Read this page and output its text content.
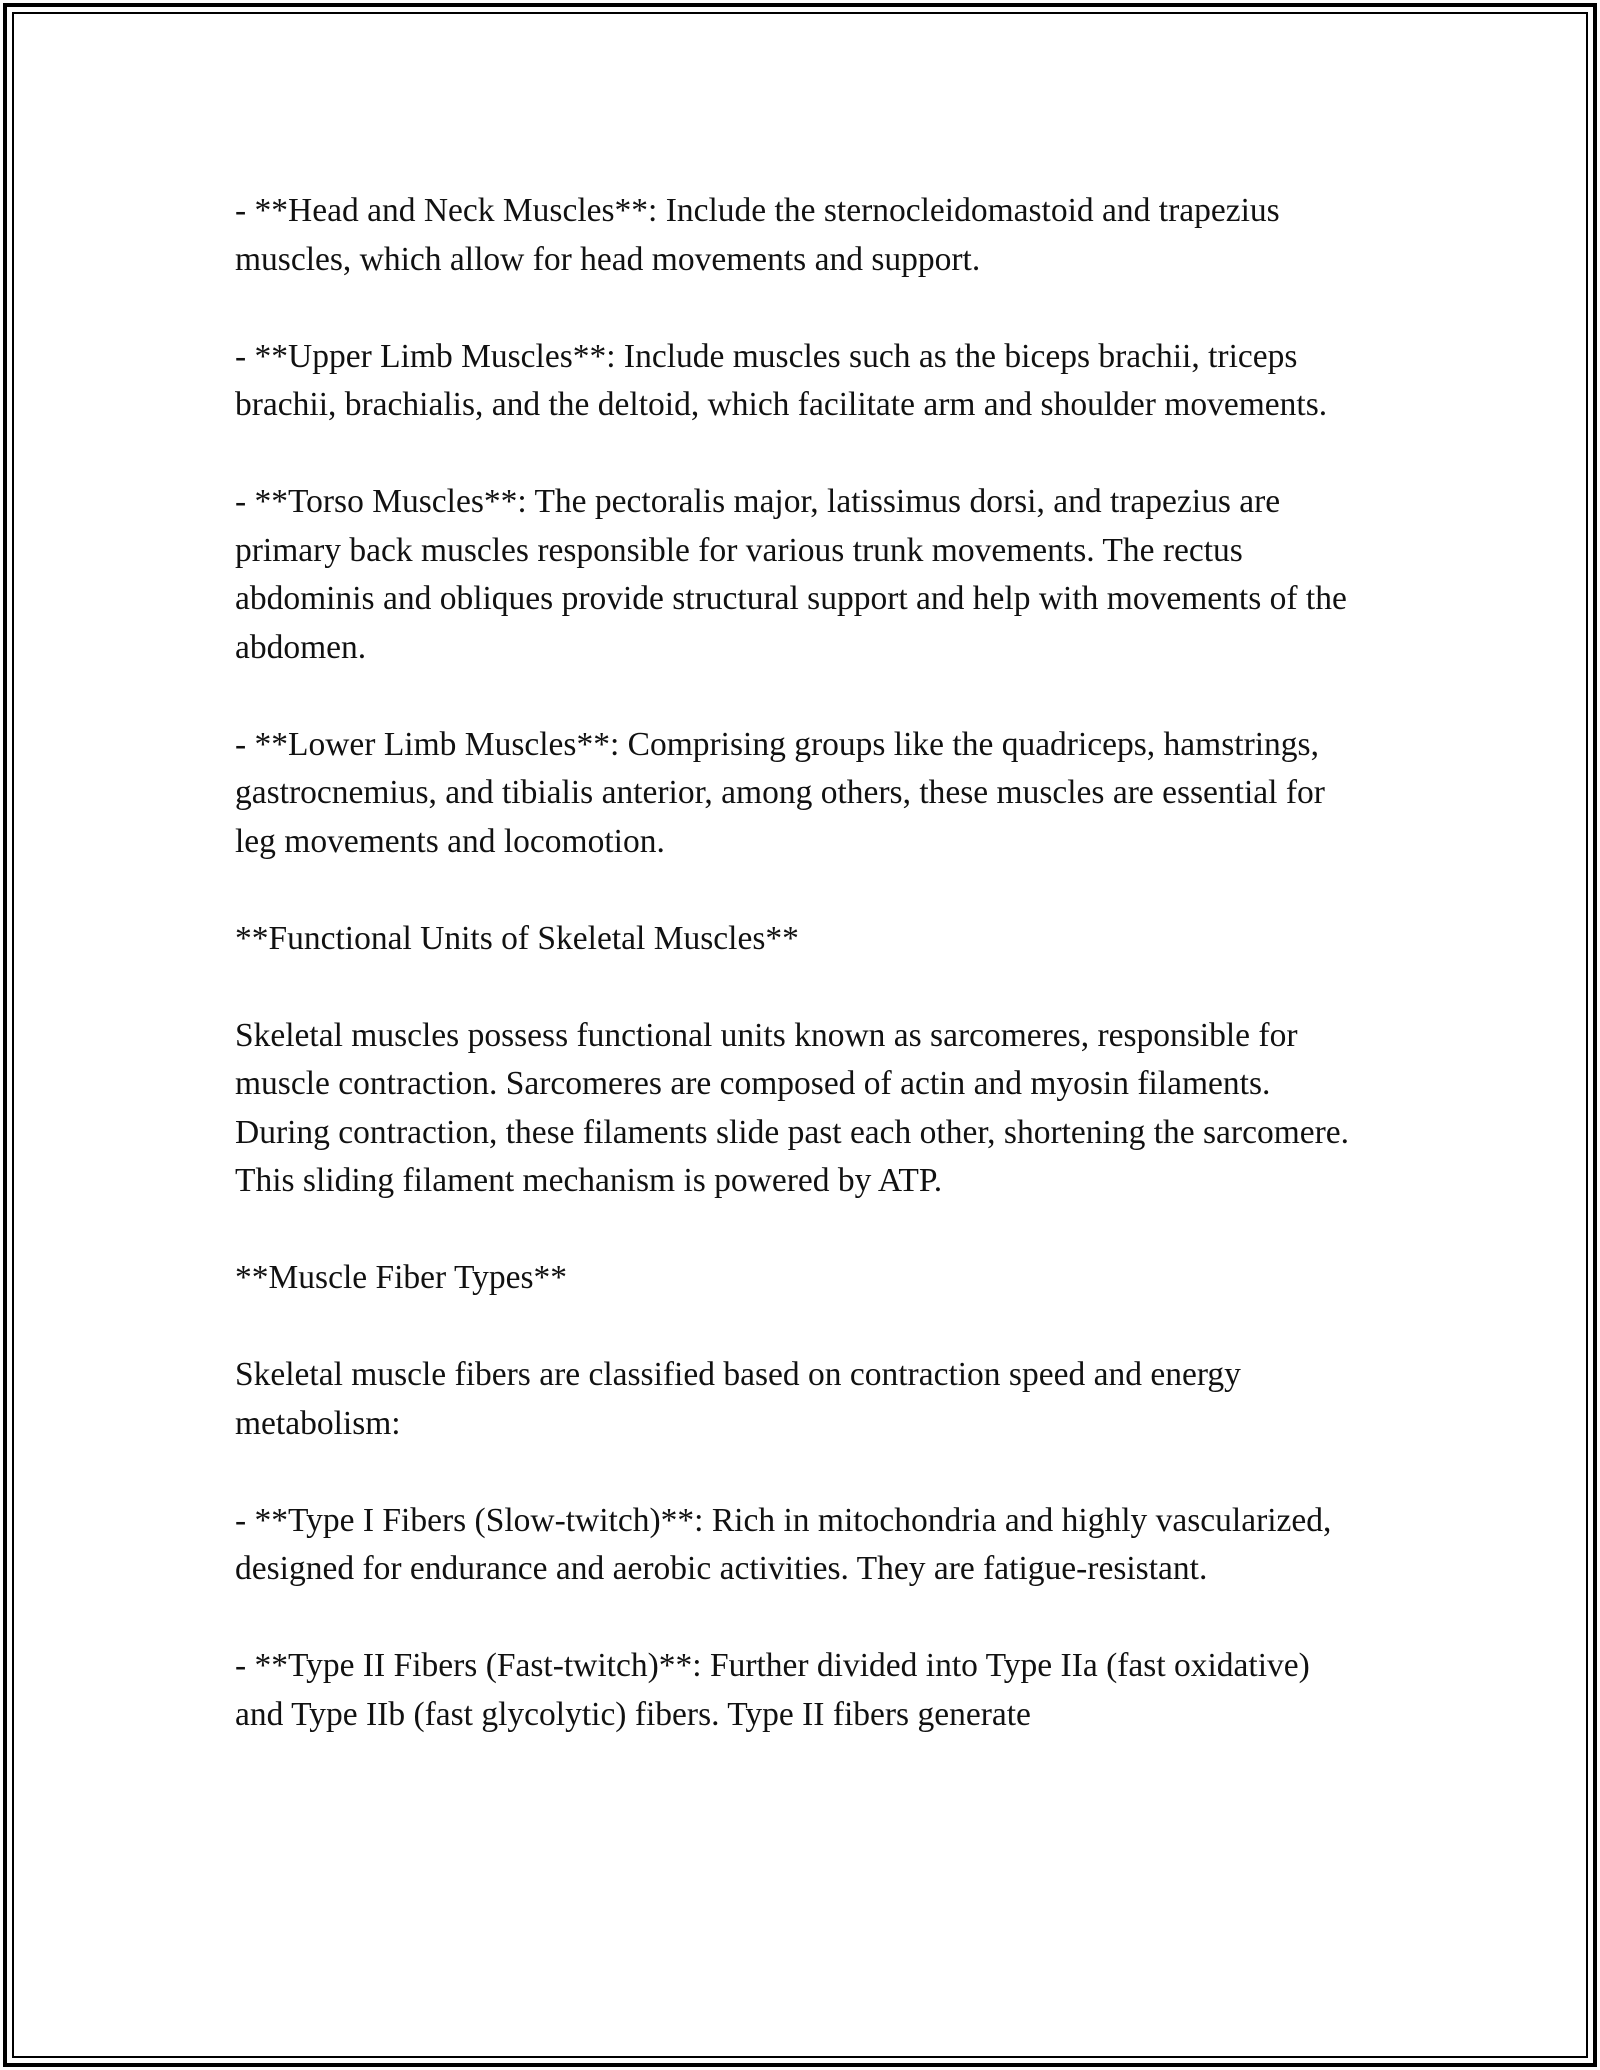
- **Head and Neck Muscles**: Include the sternocleidomastoid and trapezius muscles, which allow for head movements and support.

- **Upper Limb Muscles**: Include muscles such as the biceps brachii, triceps brachii, brachialis, and the deltoid, which facilitate arm and shoulder movements.

- **Torso Muscles**: The pectoralis major, latissimus dorsi, and trapezius are primary back muscles responsible for various trunk movements. The rectus abdominis and obliques provide structural support and help with movements of the abdomen.

- **Lower Limb Muscles**: Comprising groups like the quadriceps, hamstrings, gastrocnemius, and tibialis anterior, among others, these muscles are essential for leg movements and locomotion.

**Functional Units of Skeletal Muscles**

Skeletal muscles possess functional units known as sarcomeres, responsible for muscle contraction. Sarcomeres are composed of actin and myosin filaments. During contraction, these filaments slide past each other, shortening the sarcomere. This sliding filament mechanism is powered by ATP.

**Muscle Fiber Types**

Skeletal muscle fibers are classified based on contraction speed and energy metabolism:

- **Type I Fibers (Slow-twitch)**: Rich in mitochondria and highly vascularized, designed for endurance and aerobic activities. They are fatigue-resistant.

- **Type II Fibers (Fast-twitch)**: Further divided into Type IIa (fast oxidative) and Type IIb (fast glycolytic) fibers. Type II fibers generate
